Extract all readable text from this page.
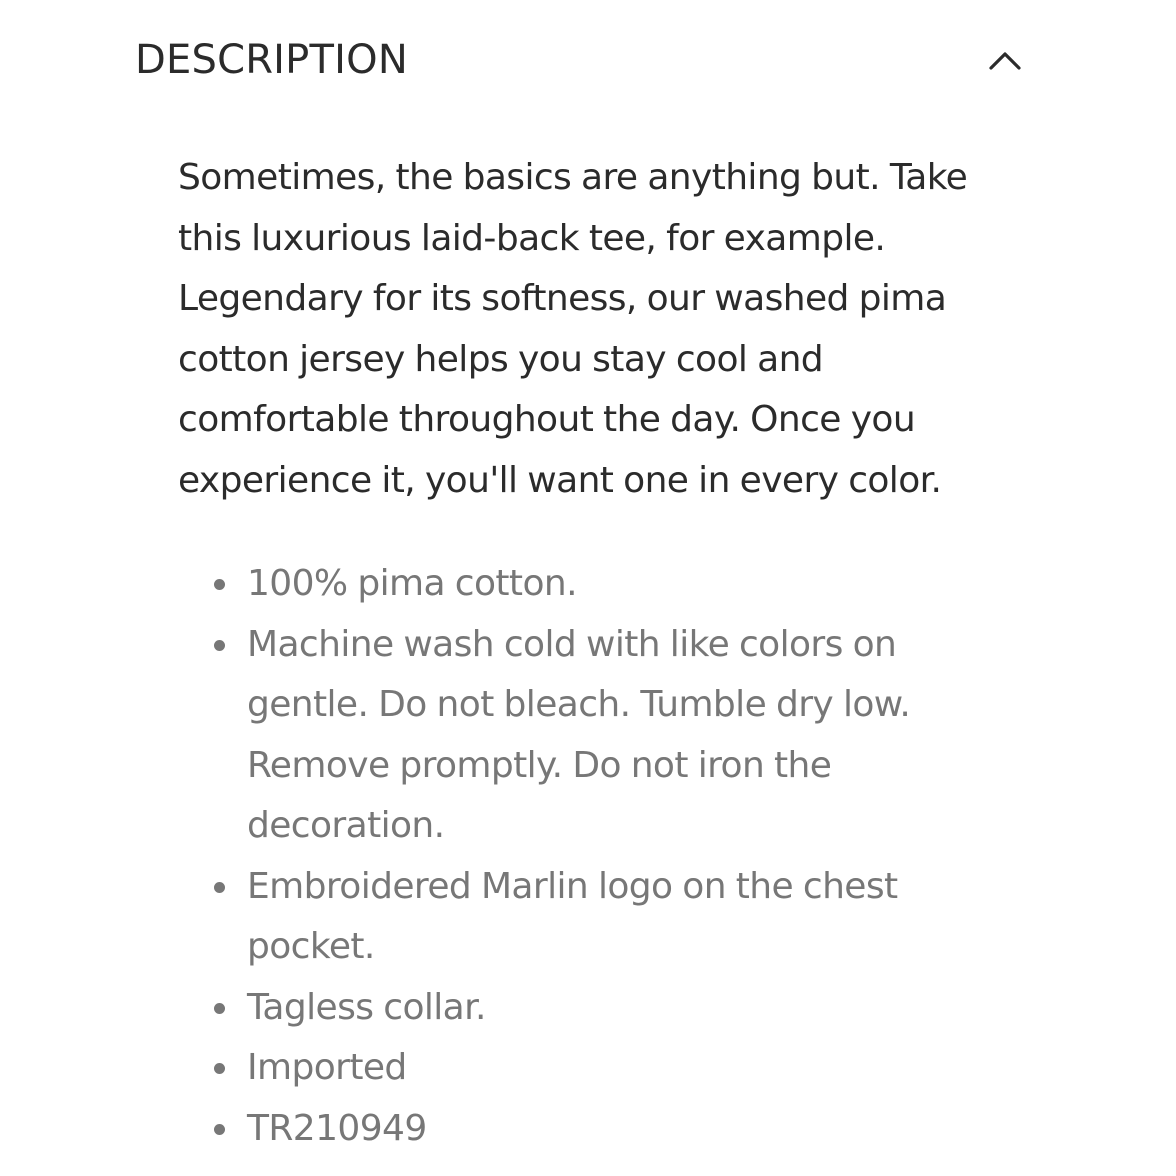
DESCRIPTION

Sometimes, the basics are anything but. Take this luxurious laid-back tee, for example. Legendary for its softness, our washed pima cotton jersey helps you stay cool and comfortable throughout the day. Once you experience it, you'll want one in every color.

100% pima cotton.
Machine wash cold with like colors on gentle. Do not bleach. Tumble dry low. Remove promptly. Do not iron the decoration.
Embroidered Marlin logo on the chest pocket.
Tagless collar.
Imported
TR210949
